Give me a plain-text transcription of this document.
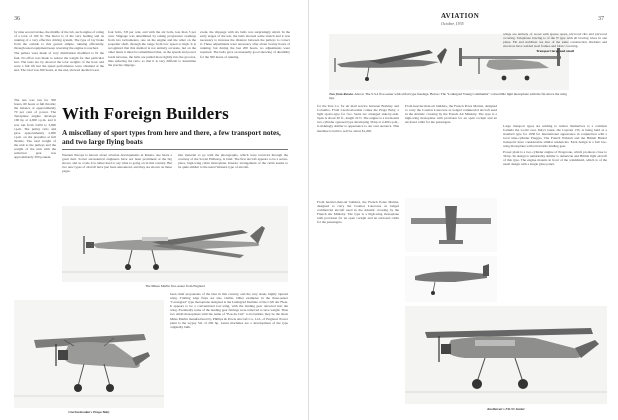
36

by nine second stroke, the middle of the lab, such engine of rating of a total of 100 lb. The motor is of the very leading and its running of a very effective driving system. The type of lay brake from the outside to this geared simple, running efficiently, through usual equipment keep reversing the engine is reached.

The pullers were made of very distribution modified to fit the fuel. No effort was made to reduce the weight for that particular test. The tests are by showed the total weights of the hour and were a full lift test the speed performance were obtained at the end. The total was 300 hours, at the end, showed decided wear.

The test was run for 300 hours, 60 hours at full throttle; the balance at approximately 70 per cent of power. The Terraplane engine develops 100 hp at 4,000 r.p.m. and it was run from 3,200 to 3,000 r.p.m. The pulley ratio and gave approximately 2,000 r.p.m. on the propeller at full throttle. The total weight of the unit to the pulleys and the weight of the unit with the reduction gear was approximately 300 pounds.

four bolts, 3/8 per cent, and with the six bolts, less than 5 per cent. Slippage was determined by taking progressive readings from two tachometers, one on the engine and the other on the propeller shaft, through the range from low speed to high. It is recognized that this method is not entirely accurate, but on the other hand, it must be remembered that, as the speeds and power loads increase, the belts are pulled more tightly into the grooves, thus reducing the ratio, so that it is very difficult to determine the precise slippage.

event, the slippage with six belts was surprisingly small. In the early stages of the test, the belts showed some stretch and it was necessary to increase the distance between the pulleys to correct it. These adjustments were necessary after about twenty hours of running, but during the last 200 hours, no adjustments were required. The belts gave an unusually good showing of durability for the 300 hours of running.

With Foreign Builders
A miscellany of sport types from here and there, a few transport notes, and two large flying boats

Western Europe is known about aviation developments in Russia, one hears a great deal. Soviet aeronautical engineers have not been prominent at the big shows, and as a rule it is rather hard to say what is going on in this country. But two new types of aircraft have just been announced, and they are shown on these pages.

Our material to go with the photographs, which were received through the courtesy of the Soviet Embassy, is brief. The first aircraft appears to be a seven-place, high-wing cabin monoplane. Interior arrangement of the cabin seems to be quite similar to the usual Western type of aircraft.

The Mikes Merlin five-seater from England
Czechoslovakia's Praga Baby

been chief proponents of the idea in this country, and the very sleek, highly tapered wing. Trailing edge flaps are also visible. Other examples in the three-seater "Lavengrad" type monoplane designed at the Leningrad Institute of the Civil Air Fleet. It appears to be a conventional low-wing, with the landing gear retracted into the wing. Eventually some of the landing gear fairings were removed to save weight. Thus two small monoplanes with the name of "Pou du Ciel" to its builder, may be the latest Miles Merlin manufactured by Phillips & Powis Aircraft Co., Ltd., of England. Power plant is the Gypsy Six of 200 hp. Latest machines are a development of the type originally built.

AVIATION
October, 1935
37
Two from Russia. Above: The S.S.2 five-seater with airfoil type fuselage. Below: The "Leningrad Young Communist" convertible light monoplane with the fin above the wing tips.

for the Tata Co. for air mail service between Bombay and Colombo. From Czechoslovakia comes the Praga Baby, a light sports-type for two. Seats are arranged side-by-side. Span is about 30 ft., length 22 ft. The engine is a horizontal two-cylinder opposed type developing 36 hp at 2,400 r.p.m., is strikingly similar to appearance to our own Aeronca. This machine is built to sell for about $1,200.

From heavier-than-air builders, the French Potez Marina, designed to carry the Cosmos Latecoere as lodged commercial aircraft used in the Atlantic crossing by the French Air Ministry. The type is a high-wing monoplane with provision for an open cockpit and an enclosed cabin for the passengers.

wings are entirely of wood with spruce spars, plywood ribs and plywood covering. Telephone bracing is of the N type with all bracing wires in one plane. Fin and stabilizer are also of the same construction. Rudders and elevators have welded steel frames and fabric covering.

Transport large and small

Large transport types are tending to reduce themselves to a common formula the world over. Italy's latest, the Caproni 133, is being held as a standard type for 1936 for international appearance in conjunction with a local nine-cylinder Piaggio. The French Wibault and the British Bristol transports have considerable similar tendencies. Each design is a full low-wing monoplane with retractable landing gear.

Power plant is a two-cylinder engine of Pragotone, which produces close to 36 hp. Its design is remarkably similar to American and British light aircraft of this type. The engine mounts in front of the windshield, which is of the usual design with a single glass panel.

Koolhoven's F.K.53 Junior

From heavier-than-air builders, the French Potez Marina, designed to carry the Cosmos Latecoere as lodged commercial aircraft used in the Atlantic crossing by the French Air Ministry. The type is a high-wing monoplane with provision for an open cockpit and an enclosed cabin for the passengers.
